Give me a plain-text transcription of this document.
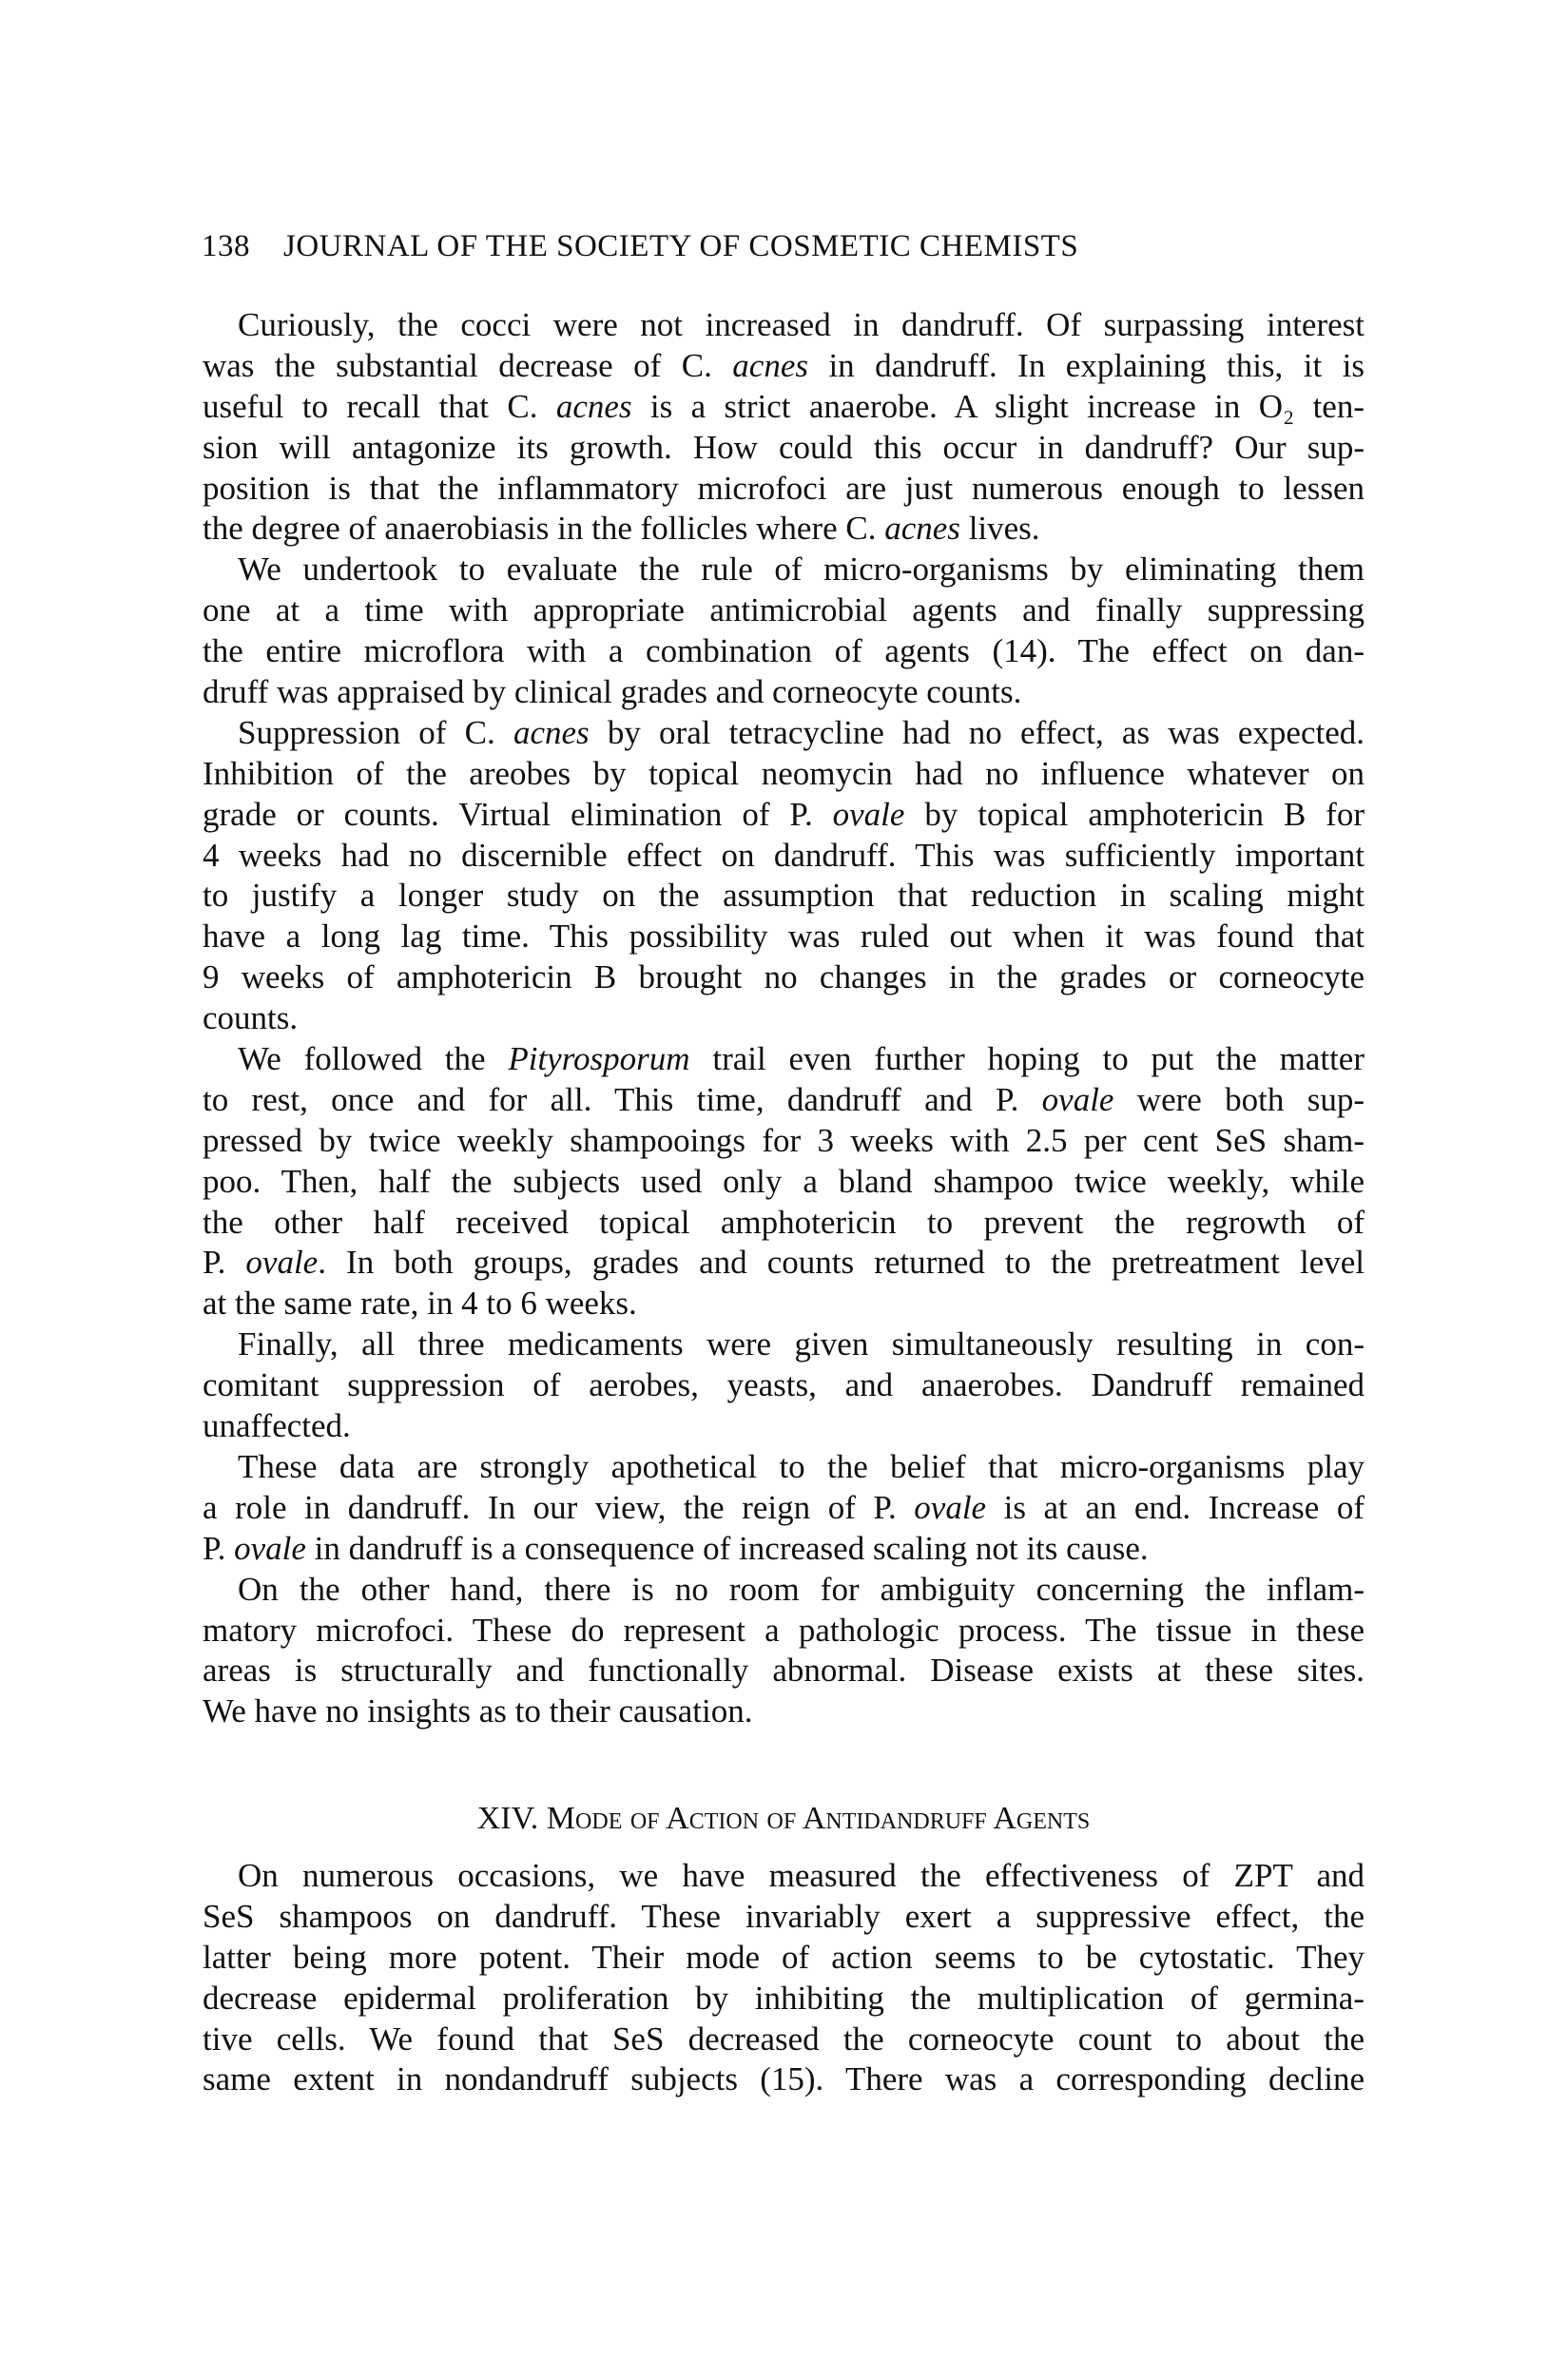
138 JOURNAL OF THE SOCIETY OF COSMETIC CHEMISTS
Curiously, the cocci were not increased in dandruff. Of surpassing interest
was the substantial decrease of C. acnes in dandruff. In explaining this, it is
useful to recall that C. acnes is a strict anaerobe. A slight increase in O₂ ten-
sion will antagonize its growth. How could this occur in dandruff? Our sup-
position is that the inflammatory microfoci are just numerous enough to lessen
the degree of anaerobiasis in the follicles where C. acnes lives.
We undertook to evaluate the rule of micro-organisms by eliminating them
one at a time with appropriate antimicrobial agents and finally suppressing
the entire microflora with a combination of agents (14). The effect on dan-
druff was appraised by clinical grades and corneocyte counts.
Suppression of C. acnes by oral tetracycline had no effect, as was expected.
Inhibition of the areobes by topical neomycin had no influence whatever on
grade or counts. Virtual elimination of P. ovale by topical amphotericin B for
4 weeks had no discernible effect on dandruff. This was sufficiently important
to justify a longer study on the assumption that reduction in scaling might
have a long lag time. This possibility was ruled out when it was found that
9 weeks of amphotericin B brought no changes in the grades or corneocyte
counts.
We followed the Pityrosporum trail even further hoping to put the matter
to rest, once and for all. This time, dandruff and P. ovale were both sup-
pressed by twice weekly shampooings for 3 weeks with 2.5 per cent SeS sham-
poo. Then, half the subjects used only a bland shampoo twice weekly, while
the other half received topical amphotericin to prevent the regrowth of
P. ovale. In both groups, grades and counts returned to the pretreatment level
at the same rate, in 4 to 6 weeks.
Finally, all three medicaments were given simultaneously resulting in con-
comitant suppression of aerobes, yeasts, and anaerobes. Dandruff remained
unaffected.
These data are strongly apothetical to the belief that micro-organisms play
a role in dandruff. In our view, the reign of P. ovale is at an end. Increase of
P. ovale in dandruff is a consequence of increased scaling not its cause.
On the other hand, there is no room for ambiguity concerning the inflam-
matory microfoci. These do represent a pathologic process. The tissue in these
areas is structurally and functionally abnormal. Disease exists at these sites.
We have no insights as to their causation.
XIV. Mode of Action of Antidandruff Agents
On numerous occasions, we have measured the effectiveness of ZPT and
SeS shampoos on dandruff. These invariably exert a suppressive effect, the
latter being more potent. Their mode of action seems to be cytostatic. They
decrease epidermal proliferation by inhibiting the multiplication of germina-
tive cells. We found that SeS decreased the corneocyte count to about the
same extent in nondandruff subjects (15). There was a corresponding decline
